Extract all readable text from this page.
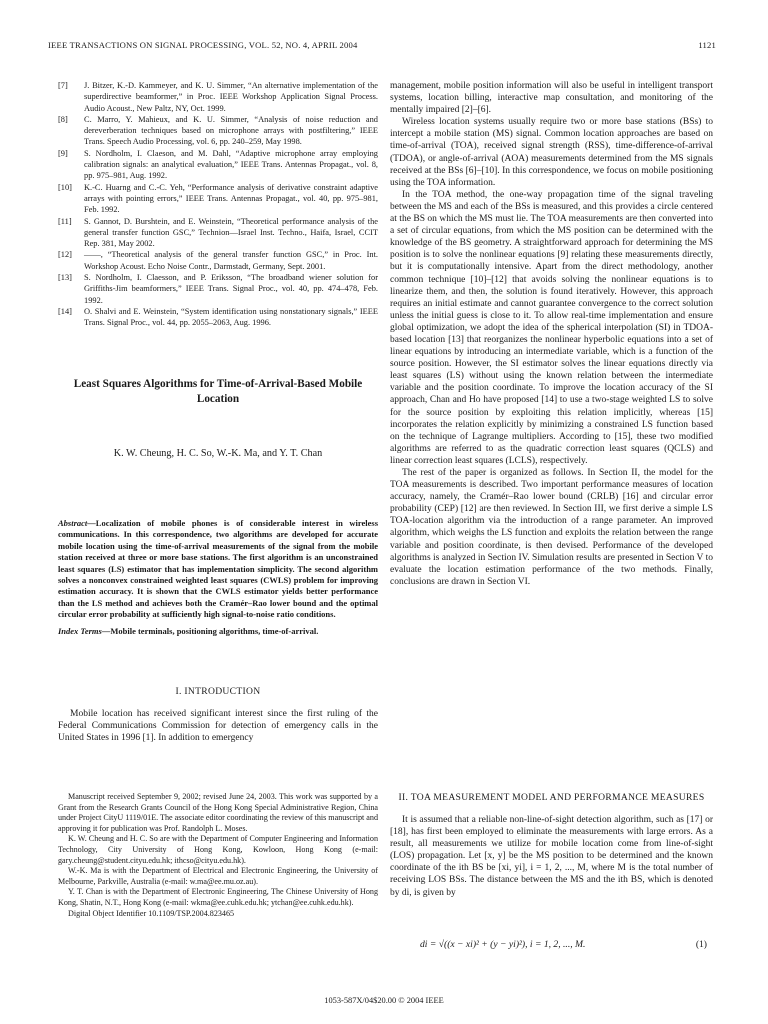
IEEE TRANSACTIONS ON SIGNAL PROCESSING, VOL. 52, NO. 4, APRIL 2004	1121
[7]	J. Bitzer, K.-D. Kammeyer, and K. U. Simmer, “An alternative implementation of the superdirective beamformer,” in Proc. IEEE Workshop Application Signal Process. Audio Acoust., New Paltz, NY, Oct. 1999.
[8]	C. Marro, Y. Mahieux, and K. U. Simmer, “Analysis of noise reduction and dereverberation techniques based on microphone arrays with postfiltering,” IEEE Trans. Speech Audio Processing, vol. 6, pp. 240–259, May 1998.
[9]	S. Nordholm, I. Claeson, and M. Dahl, “Adaptive microphone array employing calibration signals: an analytical evaluation,” IEEE Trans. Antennas Propagat., vol. 8, pp. 975–981, Aug. 1992.
[10]	K.-C. Huarng and C.-C. Yeh, “Performance analysis of derivative constraint adaptive arrays with pointing errors,” IEEE Trans. Antennas Propagat., vol. 40, pp. 975–981, Feb. 1992.
[11]	S. Gannot, D. Burshtein, and E. Weinstein, “Theoretical performance analysis of the general transfer function GSC,” Technion—Israel Inst. Techno., Haifa, Israel, CCIT Rep. 381, May 2002.
[12]	——, “Theoretical analysis of the general transfer function GSC,” in Proc. Int. Workshop Acoust. Echo Noise Contr., Darmstadt, Germany, Sept. 2001.
[13]	S. Nordholm, I. Claesson, and P. Eriksson, “The broadband wiener solution for Griffiths-Jim beamformers,” IEEE Trans. Signal Proc., vol. 40, pp. 474–478, Feb. 1992.
[14]	O. Shalvi and E. Weinstein, “System identification using nonstationary signals,” IEEE Trans. Signal Proc., vol. 44, pp. 2055–2063, Aug. 1996.
Least Squares Algorithms for Time-of-Arrival-Based Mobile Location
K. W. Cheung, H. C. So, W.-K. Ma, and Y. T. Chan
Abstract—Localization of mobile phones is of considerable interest in wireless communications. In this correspondence, two algorithms are developed for accurate mobile location using the time-of-arrival measurements of the signal from the mobile station received at three or more base stations. The first algorithm is an unconstrained least squares (LS) estimator that has implementation simplicity. The second algorithm solves a nonconvex constrained weighted least squares (CWLS) problem for improving estimation accuracy. It is shown that the CWLS estimator yields better performance than the LS method and achieves both the Cramér–Rao lower bound and the optimal circular error probability at sufficiently high signal-to-noise ratio conditions.
Index Terms—Mobile terminals, positioning algorithms, time-of-arrival.
I. INTRODUCTION

Mobile location has received significant interest since the first ruling of the Federal Communications Commission for detection of emergency calls in the United States in 1996 [1]. In addition to emergency

Manuscript received September 9, 2002; revised June 24, 2003. This work was supported by a Grant from the Research Grants Council of the Hong Kong Special Administrative Region, China under Project CityU 1119/01E. The associate editor coordinating the review of this manuscript and approving it for publication was Prof. Randolph L. Moses.

K. W. Cheung and H. C. So are with the Department of Computer Engineering and Information Technology, City University of Hong Kong, Kowloon, Hong Kong (e-mail: gary.cheung@student.cityu.edu.hk; ithcso@cityu.edu.hk).

W.-K. Ma is with the Department of Electrical and Electronic Engineering, the University of Melbourne, Parkville, Australia (e-mail: w.ma@ee.mu.oz.au).

Y. T. Chan is with the Department of Electronic Engineering, The Chinese University of Hong Kong, Shatin, N.T., Hong Kong (e-mail: wkma@ee.cuhk.edu.hk; ytchan@ee.cuhk.edu.hk).

Digital Object Identifier 10.1109/TSP.2004.823465

management, mobile position information will also be useful in intelligent transport systems, location billing, interactive map consultation, and monitoring of the mentally impaired [2]–[6].

Wireless location systems usually require two or more base stations (BSs) to intercept a mobile station (MS) signal. Common location approaches are based on time-of-arrival (TOA), received signal strength (RSS), time-difference-of-arrival (TDOA), or angle-of-arrival (AOA) measurements determined from the MS signals received at the BSs [6]–[10]. In this correspondence, we focus on mobile positioning using the TOA information.

In the TOA method, the one-way propagation time of the signal traveling between the MS and each of the BSs is measured, and this provides a circle centered at the BS on which the MS must lie. The TOA measurements are then converted into a set of circular equations, from which the MS position can be determined with the knowledge of the BS geometry. A straightforward approach for determining the MS position is to solve the nonlinear equations [9] relating these measurements directly, but it is computationally intensive. Apart from the direct methodology, another common technique [10]–[12] that avoids solving the nonlinear equations is to linearize them, and then, the solution is found iteratively. However, this approach requires an initial estimate and cannot guarantee convergence to the correct solution unless the initial guess is close to it. To allow real-time implementation and ensure global optimization, we adopt the idea of the spherical interpolation (SI) in TDOA-based location [13] that reorganizes the nonlinear hyperbolic equations into a set of linear equations by introducing an intermediate variable, which is a function of the source position. However, the SI estimator solves the linear equations directly via least squares (LS) without using the known relation between the intermediate variable and the position coordinate. To improve the location accuracy of the SI approach, Chan and Ho have proposed [14] to use a two-stage weighted LS to solve for the source position by exploiting this relation implicitly, whereas [15] incorporates the relation explicitly by minimizing a constrained LS function based on the technique of Lagrange multipliers. According to [15], these two modified algorithms are referred to as the quadratic correction least squares (QCLS) and linear correction least squares (LCLS), respectively.

The rest of the paper is organized as follows. In Section II, the model for the TOA measurements is described. Two important performance measures of location accuracy, namely, the Cramér–Rao lower bound (CRLB) [16] and circular error probability (CEP) [12] are then reviewed. In Section III, we first derive a simple LS TOA-location algorithm via the introduction of a range parameter. An improved algorithm, which weighs the LS function and exploits the relation between the range variable and position coordinate, is then devised. Performance of the developed algorithms is analyzed in Section IV. Simulation results are presented in Section V to evaluate the location estimation performance of the two methods. Finally, conclusions are drawn in Section VI.

II. TOA MEASUREMENT MODEL AND PERFORMANCE MEASURES

It is assumed that a reliable non-line-of-sight detection algorithm, such as [17] or [18], has first been employed to eliminate the measurements with large errors. As a result, all measurements we utilize for mobile location come from line-of-sight (LOS) propagation. Let [x, y] be the MS position to be determined and the known coordinate of the ith BS be [xi, yi], i = 1, 2, ..., M, where M is the total number of receiving LOS BSs. The distance between the MS and the ith BS, which is denoted by di, is given by

di = √((x − xi)² + (y − yi)²), i = 1, 2, ..., M.	(1)
1053-587X/04$20.00 © 2004 IEEE
